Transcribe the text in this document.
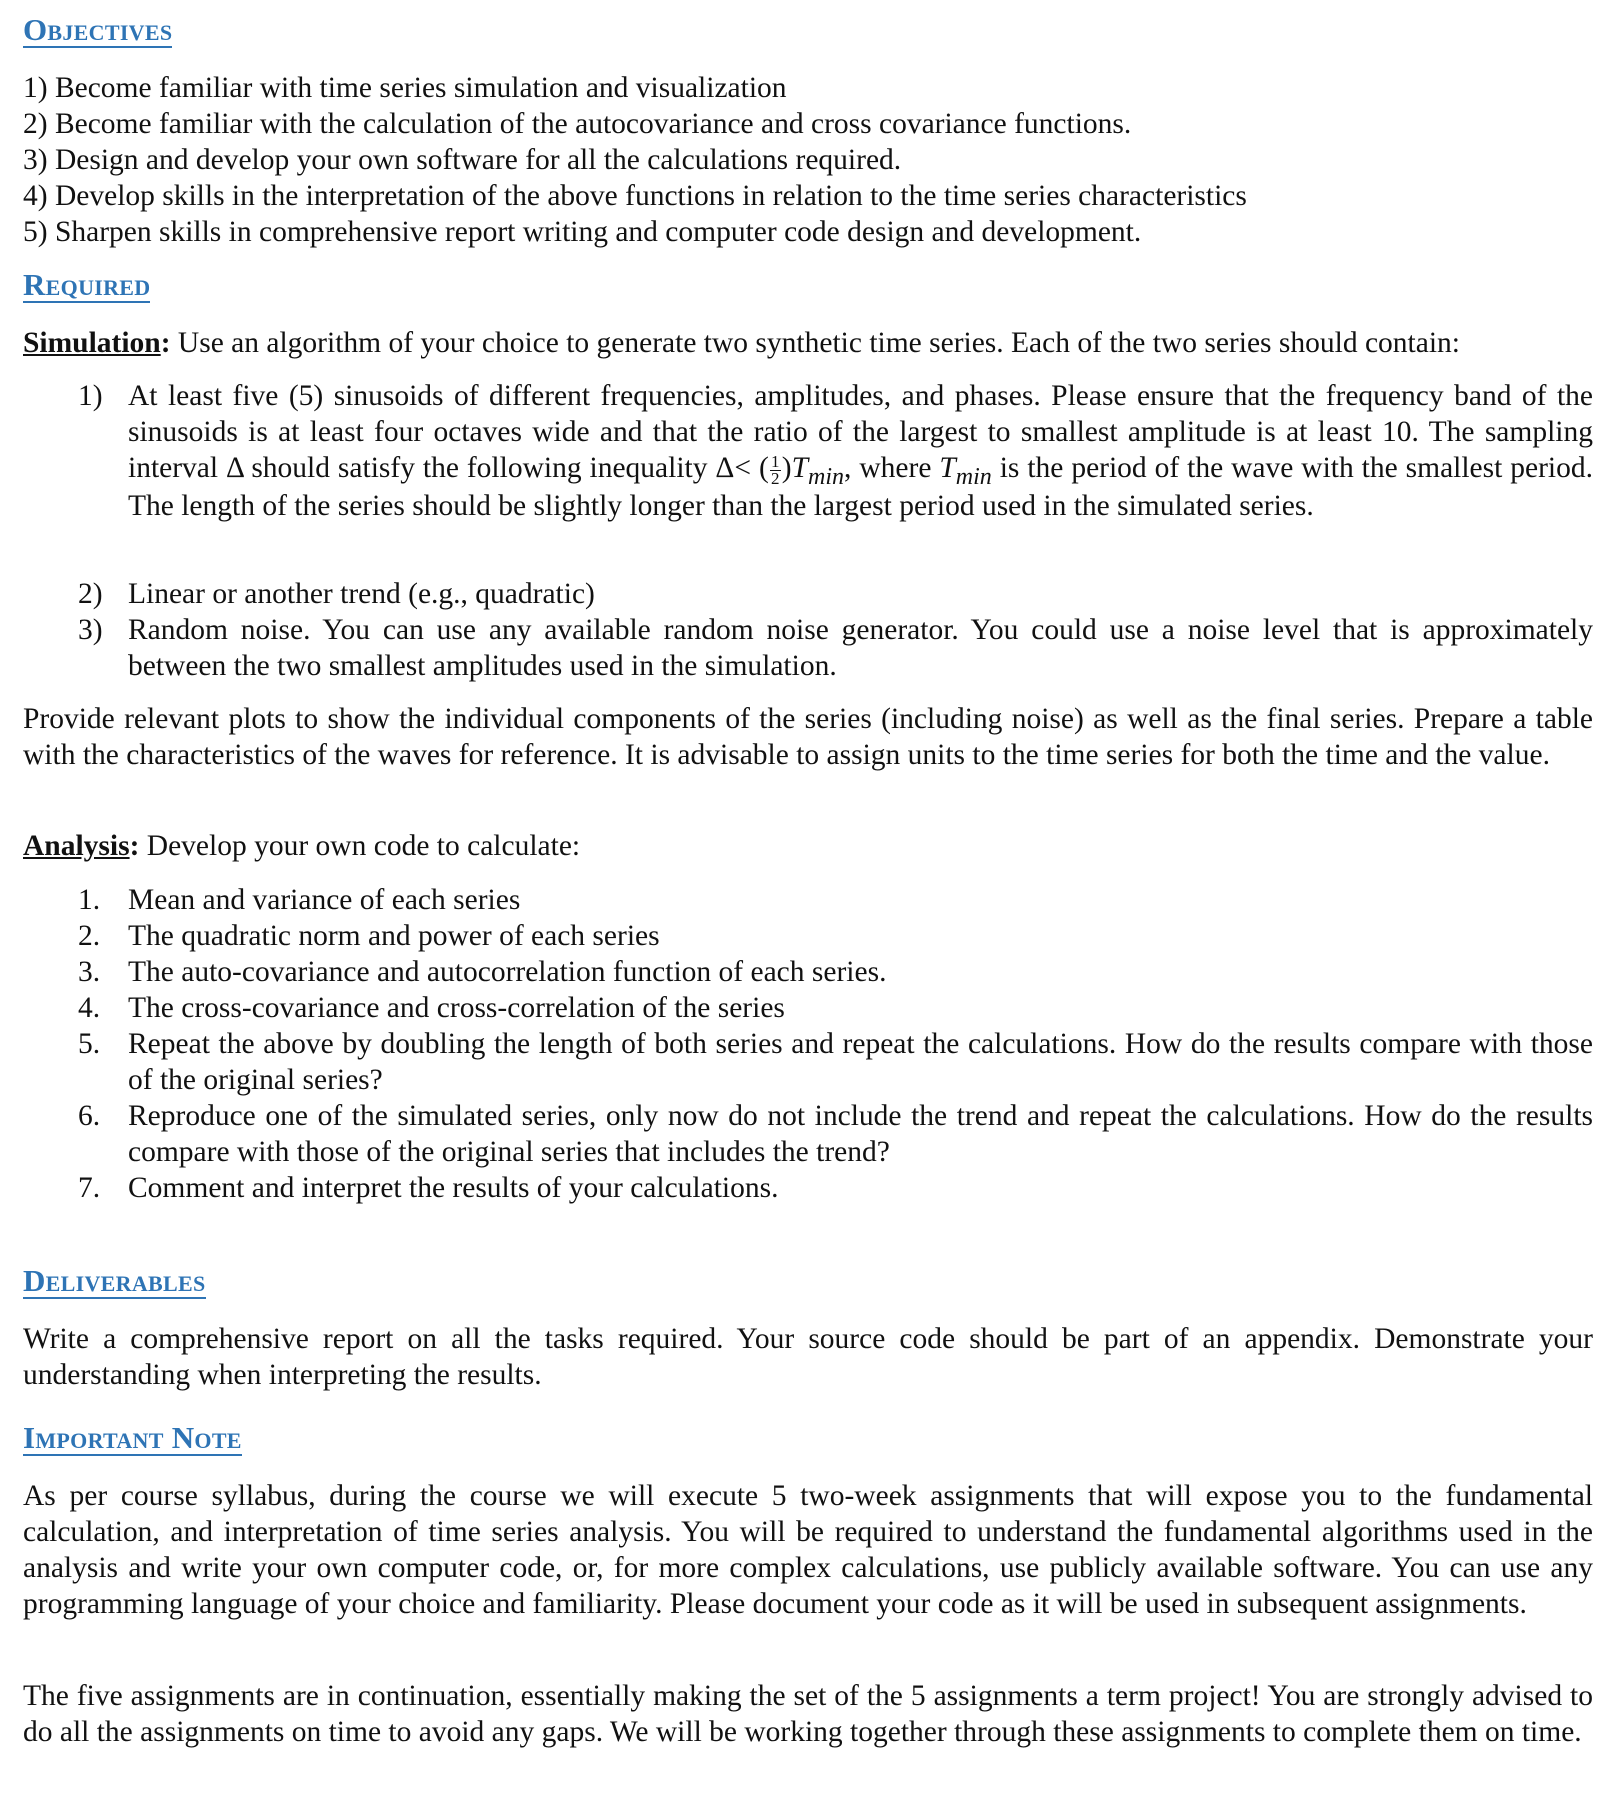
Objectives
1) Become familiar with time series simulation and visualization
2) Become familiar with the calculation of the autocovariance and cross covariance functions.
3) Design and develop your own software for all the calculations required.
4) Develop skills in the interpretation of the above functions in relation to the time series characteristics
5) Sharpen skills in comprehensive report writing and computer code design and development.
Required
Simulation: Use an algorithm of your choice to generate two synthetic time series. Each of the two series should contain:
1) At least five (5) sinusoids of different frequencies, amplitudes, and phases. Please ensure that the frequency band of the sinusoids is at least four octaves wide and that the ratio of the largest to smallest amplitude is at least 10. The sampling interval Δ should satisfy the following inequality Δ< ( $\frac{1}{2} )T_{min}$, where $T_{min}$ is the period of the wave with the smallest period. The length of the series should be slightly longer than the largest period used in the simulated series.
2) Linear or another trend (e.g., quadratic)
3) Random noise. You can use any available random noise generator. You could use a noise level that is approximately between the two smallest amplitudes used in the simulation.
Provide relevant plots to show the individual components of the series (including noise) as well as the final series. Prepare a table with the characteristics of the waves for reference. It is advisable to assign units to the time series for both the time and the value.
Analysis: Develop your own code to calculate:
1. Mean and variance of each series
2. The quadratic norm and power of each series
3. The auto-covariance and autocorrelation function of each series.
4. The cross-covariance and cross-correlation of the series
5. Repeat the above by doubling the length of both series and repeat the calculations. How do the results compare with those of the original series?
6. Reproduce one of the simulated series, only now do not include the trend and repeat the calculations. How do the results compare with those of the original series that includes the trend?
7. Comment and interpret the results of your calculations.
Deliverables
Write a comprehensive report on all the tasks required. Your source code should be part of an appendix. Demonstrate your understanding when interpreting the results.
Important Note
As per course syllabus, during the course we will execute 5 two-week assignments that will expose you to the fundamental calculation, and interpretation of time series analysis. You will be required to understand the fundamental algorithms used in the analysis and write your own computer code, or, for more complex calculations, use publicly available software. You can use any programming language of your choice and familiarity. Please document your code as it will be used in subsequent assignments.
The five assignments are in continuation, essentially making the set of the 5 assignments a term project! You are strongly advised to do all the assignments on time to avoid any gaps. We will be working together through these assignments to complete them on time.
